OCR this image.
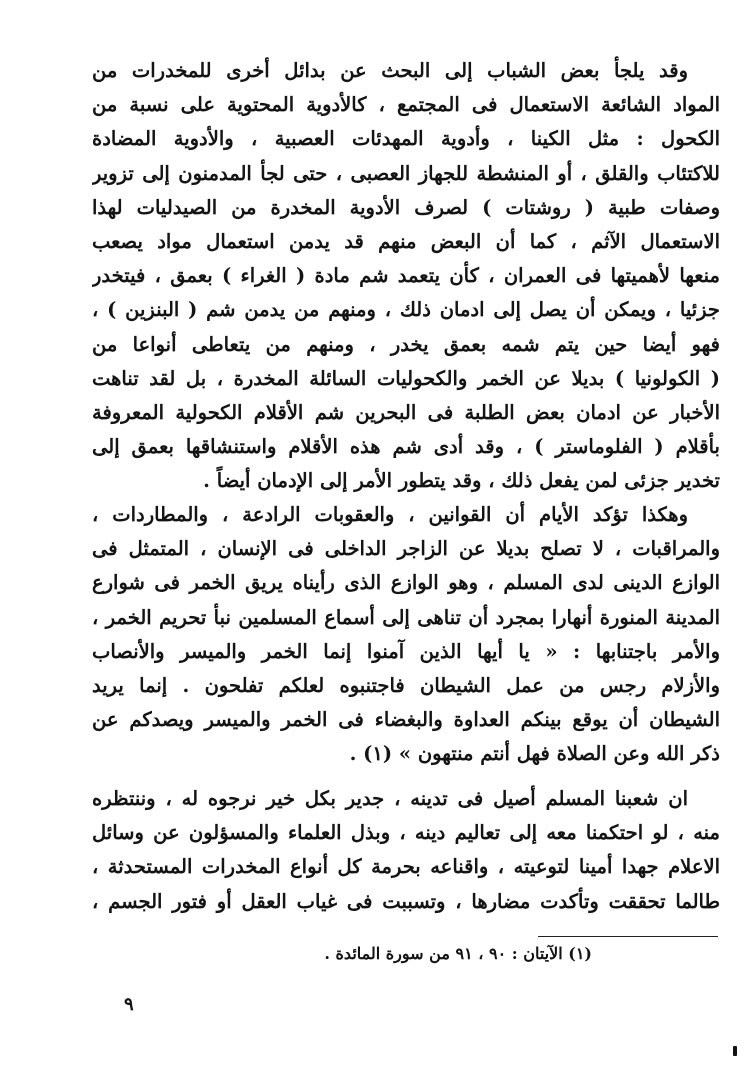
وقد يلجأ بعض الشباب إلى البحث عن بدائل أخرى للمخدرات من
المواد الشائعة الاستعمال فى المجتمع ، كالأدوية المحتوية على نسبة من
الكحول : مثل الكينا ، وأدوية المهدئات العصبية ، والأدوية المضادة
للاكتئاب والقلق ، أو المنشطة للجهاز العصبى ، حتى لجأ المدمنون إلى تزوير
وصفات طبية ( روشتات ) لصرف الأدوية المخدرة من الصيدليات لهذا
الاستعمال الآثم ، كما أن البعض منهم قد يدمن استعمال مواد يصعب
منعها لأهميتها فى العمران ، كأن يتعمد شم مادة ( الغراء ) بعمق ، فيتخدر
جزئيا ، ويمكن أن يصل إلى ادمان ذلك ، ومنهم من يدمن شم ( البنزين ) ،
فهو أيضا حين يتم شمه بعمق يخدر ، ومنهم من يتعاطى أنواعا من
( الكولونيا ) بديلا عن الخمر والكحوليات السائلة المخدرة ، بل لقد تناهت
الأخبار عن ادمان بعض الطلبة فى البحرين شم الأقلام الكحولية المعروفة
بأقلام ( الفلوماستر ) ، وقد أدى شم هذه الأقلام واستنشاقها بعمق إلى
تخدير جزئى لمن يفعل ذلك ، وقد يتطور الأمر إلى الإدمان أيضاً .
وهكذا تؤكد الأيام أن القوانين ، والعقوبات الرادعة ، والمطاردات ،
والمراقبات ، لا تصلح بديلا عن الزاجر الداخلى فى الإنسان ، المتمثل فى
الوازع الدينى لدى المسلم ، وهو الوازع الذى رأيناه يريق الخمر فى شوارع
المدينة المنورة أنهارا بمجرد أن تناهى إلى أسماع المسلمين نبأ تحريم الخمر ،
والأمر باجتنابها : « يا أيها الذين آمنوا إنما الخمر والميسر والأنصاب
والأزلام رجس من عمل الشيطان فاجتنبوه لعلكم تفلحون . إنما يريد
الشيطان أن يوقع بينكم العداوة والبغضاء فى الخمر والميسر ويصدكم عن
ذكر الله وعن الصلاة فهل أنتم منتهون » (١) .
ان شعبنا المسلم أصيل فى تدينه ، جدير بكل خير نرجوه له ، وننتظره
منه ، لو احتكمنا معه إلى تعاليم دينه ، وبذل العلماء والمسؤلون عن وسائل
الاعلام جهدا أمينا لتوعيته ، واقناعه بحرمة كل أنواع المخدرات المستحدثة ،
طالما تحققت وتأكدت مضارها ، وتسببت فى غياب العقل أو فتور الجسم ،
(١) الآيتان : ٩٠ ، ٩١ من سورة المائدة .
٩
